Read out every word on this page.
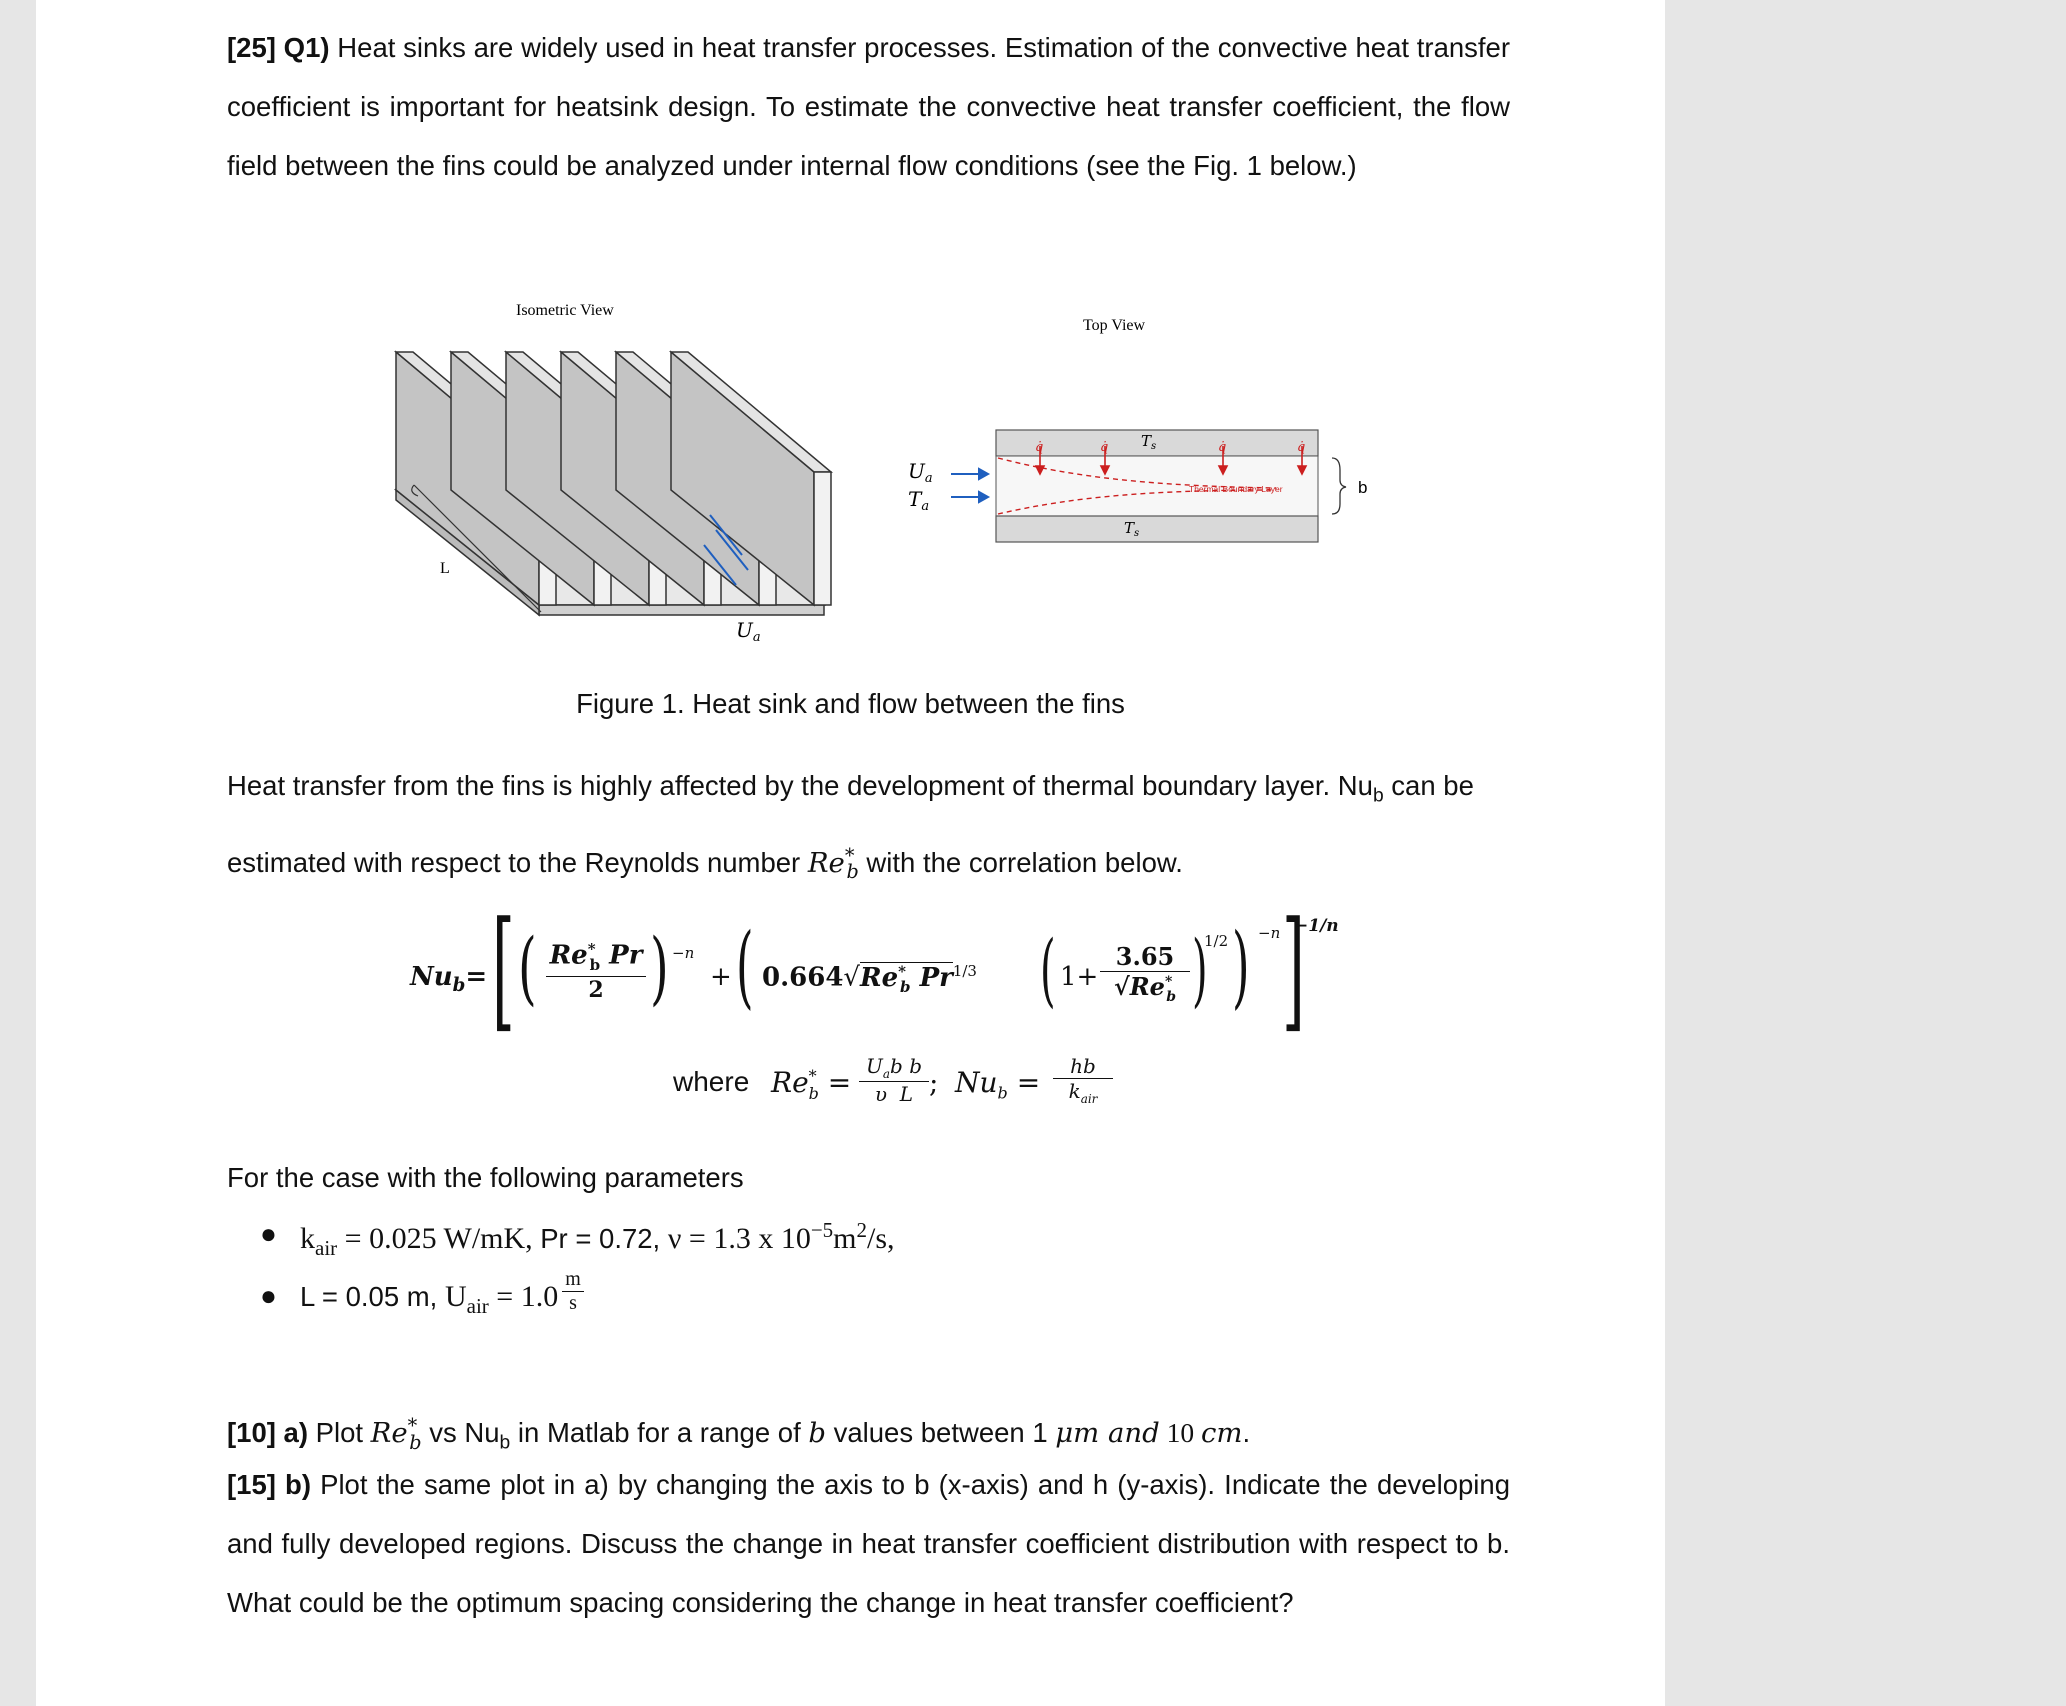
[25] Q1) Heat sinks are widely used in heat transfer processes. Estimation of the convective heat transfer coefficient is important for heatsink design. To estimate the convective heat transfer coefficient, the flow field between the fins could be analyzed under internal flow conditions (see the Fig. 1 below.)

Isometric View
Top View
L
$U_a$
$U_a$
$T_a$
q̇	q̇	q̇	q̇
$T_s$
$T_s$
Thermal Boundary Layer	b
Figure 1. Heat sink and flow between the fins

Heat transfer from the fins is highly affected by the development of thermal boundary layer. $Nu_b$ can be estimated with respect to the Reynolds number $Re^*_b$ with the correlation below.

$Nu_b=$ [ ( $Re^*_b$ Pr
2 ) −n
+ ( $0.664√Re^*_b$ $Pr^{1/3}$ ( 1+
3.65
$√Re^*_b$ )
1/2 ) −n ]
−1/n
where $Re^*_b = U_ab$ b
υ L ; $Nu_b$ =	hb
$k_{air}$

For the case with the following parameters

● $k_{air} = 0.025$ W/mK, Pr = 0.72, ν = 1.3 x $10^{-5}m^2/s$,
● L = 0.05 m, $U_{air} = 1.0 \frac{m}{s}$

[10] a) Plot $Re^*_b$ vs $Nu_b$ in Matlab for a range of b values between 1 μm and 10 cm.

[15] b) Plot the same plot in a) by changing the axis to b (x-axis) and h (y-axis). Indicate the developing and fully developed regions. Discuss the change in heat transfer coefficient distribution with respect to b. What could be the optimum spacing considering the change in heat transfer coefficient?
